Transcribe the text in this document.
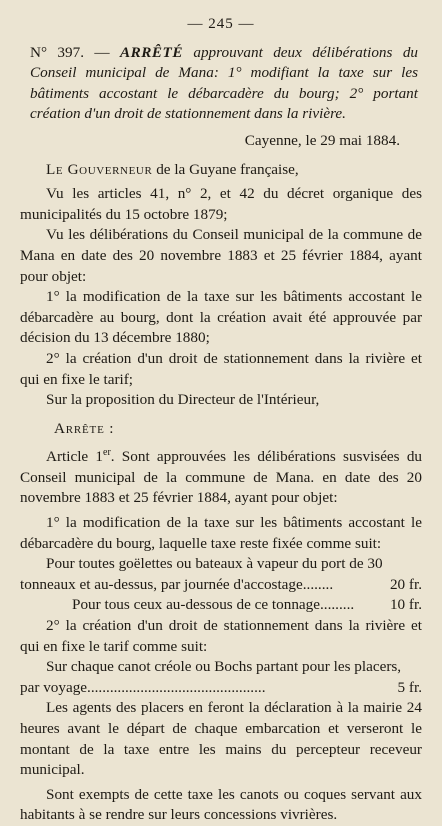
— 245 —
N° 397. — ARRÊTÉ approuvant deux délibérations du Conseil municipal de Mana: 1° modifiant la taxe sur les bâtiments accostant le débarcadère du bourg; 2° portant création d'un droit de stationnement dans la rivière.
Cayenne, le 29 mai 1884.

Le Gouverneur de la Guyane française,

Vu les articles 41, n° 2, et 42 du décret organique des municipalités du 15 octobre 1879;

Vu les délibérations du Conseil municipal de la commune de Mana en date des 20 novembre 1883 et 25 février 1884, ayant pour objet:

1° la modification de la taxe sur les bâtiments accostant le débarcadère au bourg, dont la création avait été approuvée par décision du 13 décembre 1880;

2° la création d'un droit de stationnement dans la rivière et qui en fixe le tarif;

Sur la proposition du Directeur de l'Intérieur,

Arrête :

Article 1er. Sont approuvées les délibérations susvisées du Conseil municipal de la commune de Mana. en date des 20 novembre 1883 et 25 février 1884, ayant pour objet:

1° la modification de la taxe sur les bâtiments accostant le débarcadère du bourg, laquelle taxe reste fixée comme suit:

Pour toutes goëlettes ou bateaux à vapeur du port de 30

tonneaux et au-dessus, par journée d'accostage........	20 fr.
Pour tous ceux au-dessous de ce tonnage.........	10 fr.

2° la création d'un droit de stationnement dans la rivière et qui en fixe le tarif comme suit:

Sur chaque canot créole ou Bochs partant pour les placers,

par voyage...............................................	5 fr.

Les agents des placers en feront la déclaration à la mairie 24 heures avant le départ de chaque embarcation et verseront le montant de la taxe entre les mains du percepteur receveur municipal.

Sont exempts de cette taxe les canots ou coques servant aux habitants à se rendre sur leurs concessions vivrières.
